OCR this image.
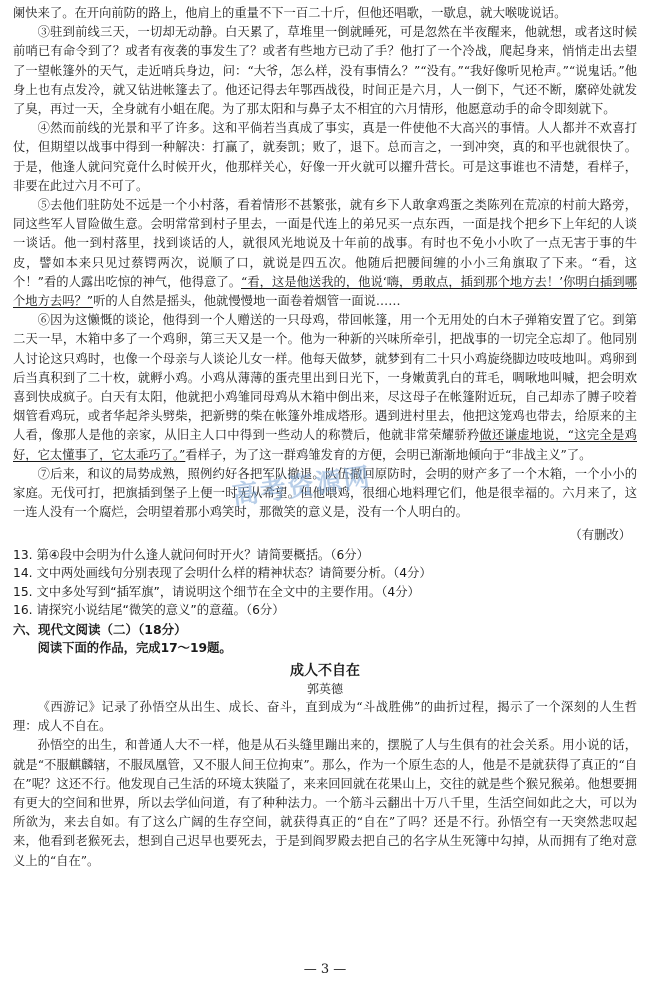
阑快来了。在开向前防的路上，他肩上的重量不下一百二十斤，但他还唱歌，一歇息，就大喉咙说话。

③驻到前线三天，一切却无动静。白天累了，草堆里一倒就睡死，可是忽然在半夜醒来，他就想，或者这时候前哨已有命令到了？或者有夜袭的事发生了？或者有些地方已动了手？他打了一个冷战，爬起身来，悄悄走出去望了一望帐篷外的天气，走近哨兵身边，问：“大爷，怎么样，没有事情么？”“没有。”“我好像听见枪声。”“说鬼话。”他身上也有点发冷，就又钻进帐篷去了。他还记得去年鄂西战役，时间正是六月，人一倒下，气还不断，縻碎处就发了臭，再过一天，全身就有小蛆在爬。为了那太阳和与鼻子太不相宜的六月情形，他愿意动手的命令即刻就下。

④然而前线的光景和平了许多。这和平倘若当真成了事实，真是一件使他不大高兴的事情。人人都并不欢喜打仗，但期望以战事中得到一种解决：打赢了，就奏凯；败了，退下。总而言之，一到冲突，真的和平也就很快了。于是，他逢人就问究竟什么时候开火，他那样关心，好像一开火就可以擢升营长。可是这事谁也不清楚，看样子，非要在此过六月不可了。

⑤去他们驻防处不远是一个小村落，看着情形不甚繁张，就有乡下人敢拿鸡蛋之类陈列在荒凉的村前大路旁，同这些军人冒险做生意。会明常常到村子里去，一面是代连上的弟兄买一点东西，一面是找个把乡下上年纪的人谈一谈话。他一到村落里，找到谈话的人，就很风光地说及十年前的战事。有时也不免小小吹了一点无害于事的牛皮，譬如本来只见过蔡锷两次，说顺了口，就说是四五次。他随后把腰间缠的小小三角旗取了下来。“看，这个！”看的人露出吃惊的神气，他得意了。“看，这是他送我的，他说‘嗨，勇敢点，插到那个地方去！’你明白插到哪个地方去吗？”听的人自然是摇头，他就慢慢地一面卷着烟管一面说……

⑥因为这懒慨的谈论，他得到一个人赠送的一只母鸡，带回帐篷，用一个无用处的白木子弹箱安置了它。到第二天一早，木箱中多了一个鸡卵，第三天又是一个。他为一种新的兴味所牵引，把战事的一切完全忘却了。他同别人讨论这只鸡时，也像一个母亲与人谈论儿女一样。他每天做梦，就梦到有二十只小鸡旋绕脚边吱吱地叫。鸡卵到后当真积到了二十枚，就孵小鸡。小鸡从薄薄的蛋壳里出到日光下，一身嫩黄乳白的茸毛，啁啾地叫喊，把会明欢喜到快成疯子。白天有太阳，他就把小鸡雏同母鸡从木箱中倒出来，尽这母子在帐篷附近玩，自己却赤了膊子咬着烟管看鸡玩，或者华起斧头劈柴，把新劈的柴在帐篷外堆成塔形。遇到进村里去，他把这笼鸡也带去，给原来的主人看，像那人是他的亲家，从旧主人口中得到一些动人的称赞后，他就非常荣耀骄矜做还谦虚地说，“这完全是鸡好，它太懂事了，它太乖巧了。”看样子，为了这一群鸡雏发育的方便，会明已渐渐地倾向于“非战主义”了。

⑦后来，和议的局势成熟，照例约好各把军队撤退。队伍撤回原防时，会明的财产多了一个木箱，一个小小的家庭。无伐可打，把旗插到堡子上便一时无从希望。但他喂鸡，很细心地料理它们，他是很幸福的。六月来了，这一连人没有一个腐烂，会明望着那小鸡笑时，那微笑的意义是，没有一个人明白的。

（有删改）

13. 第④段中会明为什么逢人就问何时开火？请简要概括。（6分）
14. 文中两处画线句分别表现了会明什么样的精神状态？请简要分析。（4分）
15. 文中多处写到“插军旗”，请说明这个细节在全文中的主要作用。（4分）
16. 请探究小说结尾“微笑的意义”的意蕴。（6分）
六、现代文阅读（二）（18分）
阅读下面的作品，完成17～19题。
成人不自在
郭英德

《西游记》记录了孙悟空从出生、成长、奋斗，直到成为“斗战胜佛”的曲折过程，揭示了一个深刻的人生哲理：成人不自在。

孙悟空的出生，和普通人大不一样，他是从石头缝里蹦出来的，摆脱了人与生俱有的社会关系。用小说的话，就是“不服麒麟辖，不服凤凰管，又不服人间王位拘束”。那么，作为一个原生态的人，他是不是就获得了真正的“自在”呢？这还不行。他发现自己生活的环境太狭隘了，来来回回就在花果山上，交往的就是些个猴兄猴弟。他想要拥有更大的空间和世界，所以去学仙问道，有了种种法力。一个筋斗云翻出十万八千里，生活空间如此之大，可以为所欲为，来去自如。有了这么广阔的生存空间，就获得真正的“自在”了吗？还是不行。孙悟空有一天突然悲叹起来，他看到老猴死去，想到自己迟早也要死去，于是到阎罗殿去把自己的名字从生死簿中勾掉，从而拥有了绝对意义上的“自在”。

— 3 —
高考资源网
